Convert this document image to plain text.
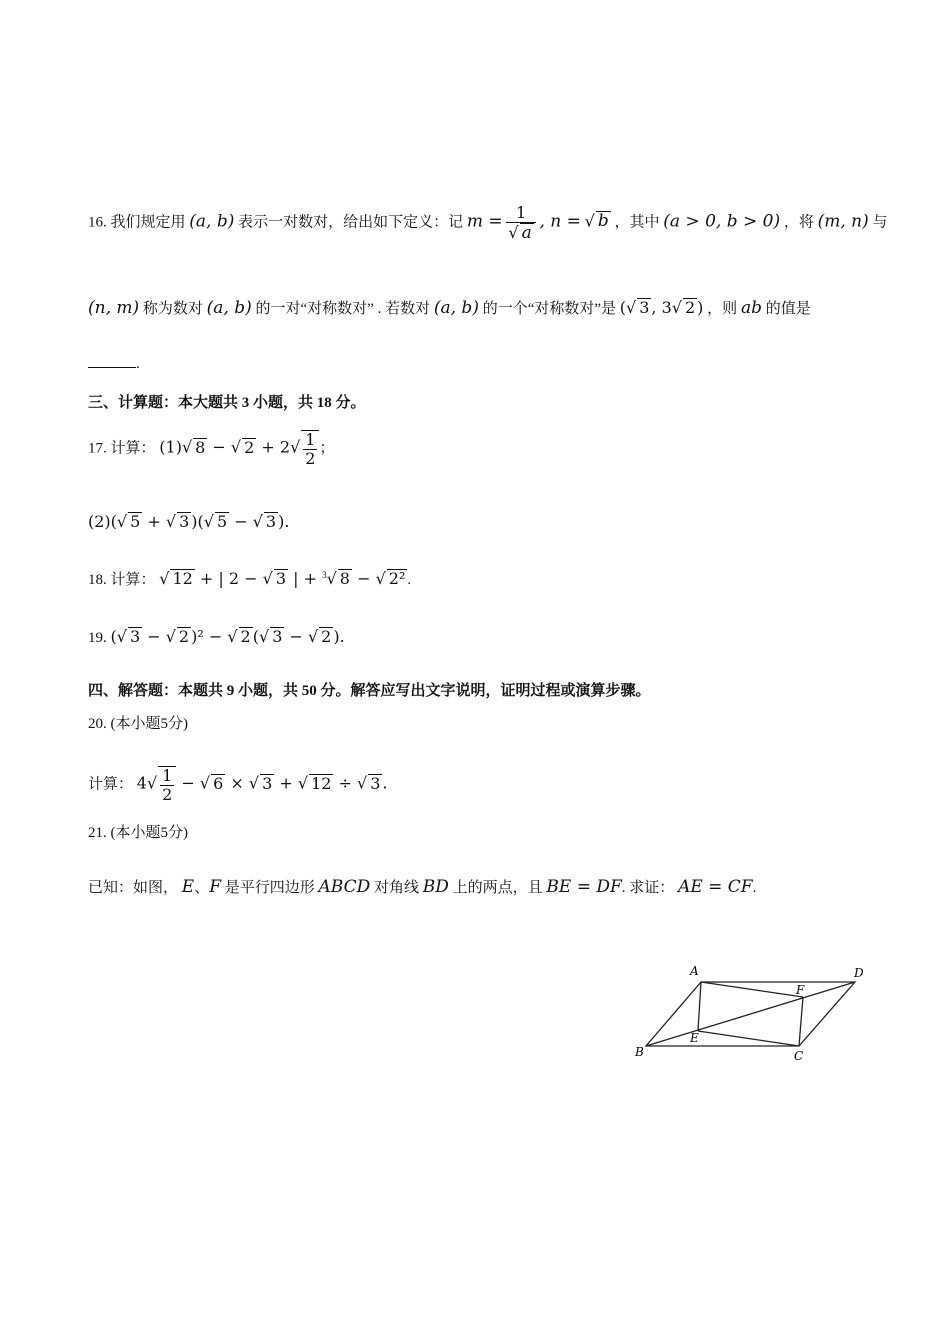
16. 我们规定用 (a, b) 表示一对数对，给出如下定义：记 $m = \frac{1}{√ a}$ , n = √ b ，其中 (a > 0, b > 0) ，将 (m, n) 与
(n, m) 称为数对 (a, b) 的一对“对称数对” . 若数对 (a, b) 的一个“对称数对”是 (√ 3 , 3√ 2 ) ，则 ab 的值是
.
三、计算题：本大题共 3 小题，共 18 分。
17. 计算： (1)√ 8 − √ $2 + 2√ \frac{1}{2}$ ；
(2)(√ 5 + √ 3 )(√ 5 − √ 3 ).
18. 计算： √ 12 + | 2 − √ 3 | + $^3$√ 8 − √ 2² .
19. (√ 3 − √ 2 )² − √ 2 (√ 3 − √ 2 ).
四、解答题：本题共 9 小题，共 50 分。解答应写出文字说明，证明过程或演算步骤。
20. (本小题5分)
计算： $4√ \frac{1}{2}$ − √ 6 × √ 3 + √ 12 ÷ √ 3 .
21. (本小题5分)
已知：如图， E、F 是平行四边形 ABCD 对角线 BD 上的两点，且 BE = DF. 求证： AE = CF.
A	D
F
E
B	C
